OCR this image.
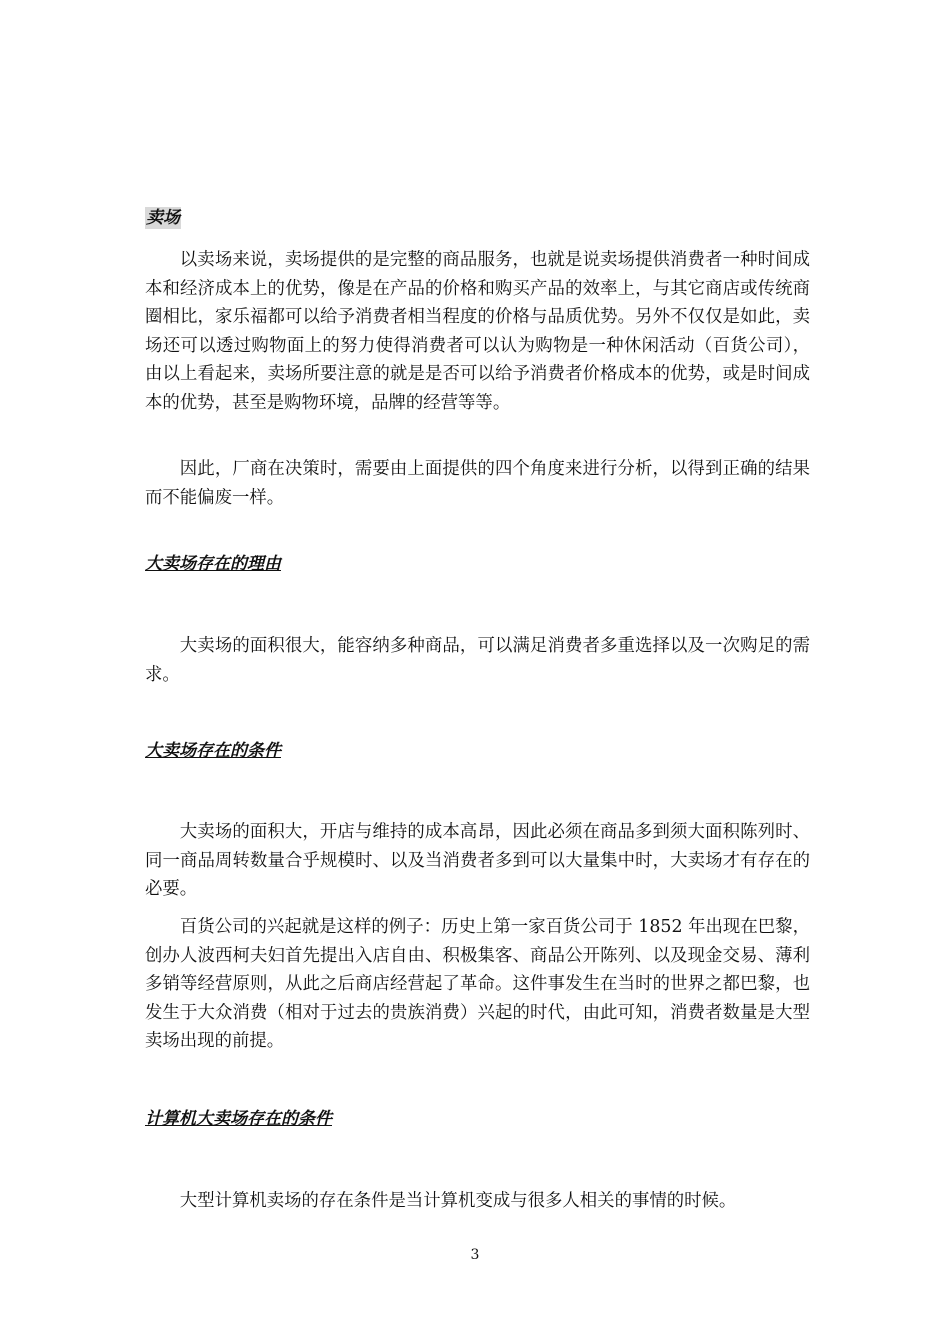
卖场

以卖场来说，卖场提供的是完整的商品服务，也就是说卖场提供消费者一种时间成本和经济成本上的优势，像是在产品的价格和购买产品的效率上，与其它商店或传统商圈相比，家乐福都可以给予消费者相当程度的价格与品质优势。另外不仅仅是如此，卖场还可以透过购物面上的努力使得消费者可以认为购物是一种休闲活动（百货公司），由以上看起来，卖场所要注意的就是是否可以给予消费者价格成本的优势，或是时间成本的优势，甚至是购物环境，品牌的经营等等。

因此，厂商在决策时，需要由上面提供的四个角度来进行分析，以得到正确的结果而不能偏废一样。

大卖场存在的理由

大卖场的面积很大，能容纳多种商品，可以满足消费者多重选择以及一次购足的需求。

大卖场存在的条件

大卖场的面积大，开店与维持的成本高昂，因此必须在商品多到须大面积陈列时、同一商品周转数量合乎规模时、以及当消费者多到可以大量集中时，大卖场才有存在的必要。

百货公司的兴起就是这样的例子：历史上第一家百货公司于 1852 年出现在巴黎，创办人波西柯夫妇首先提出入店自由、积极集客、商品公开陈列、以及现金交易、薄利多销等经营原则，从此之后商店经营起了革命。这件事发生在当时的世界之都巴黎，也发生于大众消费（相对于过去的贵族消费）兴起的时代，由此可知，消费者数量是大型卖场出现的前提。

计算机大卖场存在的条件

大型计算机卖场的存在条件是当计算机变成与很多人相关的事情的时候。

3
